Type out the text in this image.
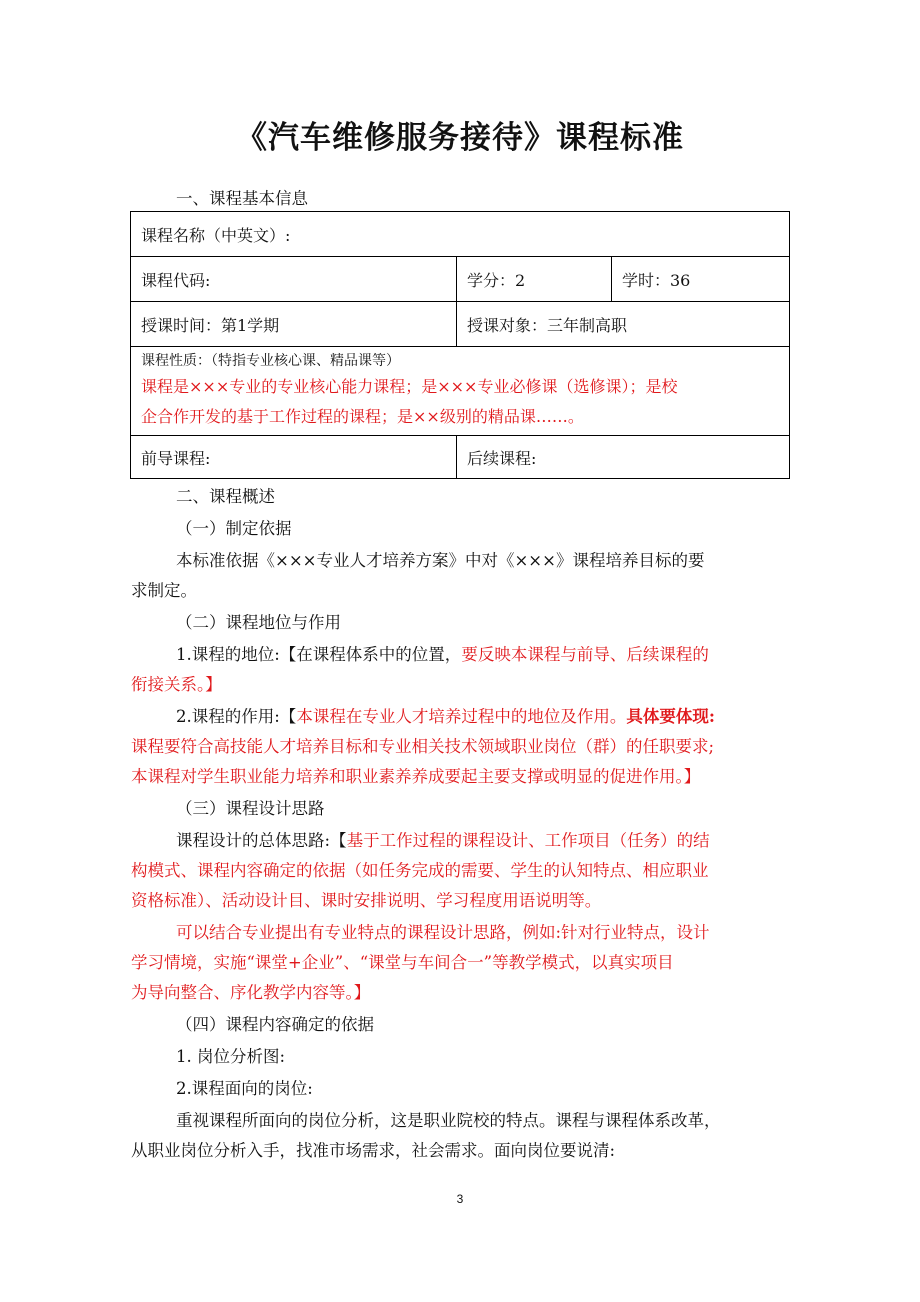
《汽车维修服务接待》课程标准
一、课程基本信息
课程名称（中英文）:		
课程代码:	学分：2	学时：36
授课时间：第1学期	授课对象：三年制高职	

课程性质：（特指专业核心课、精品课等）
课程是×××专业的专业核心能力课程；是×××专业必修课（选修课）；是校
企合作开发的基于工作过程的课程；是××级别的精品课……。		

前导课程:	后续课程:	
二、课程概述
（一）制定依据
本标准依据《×××专业人才培养方案》中对《×××》课程培养目标的要
求制定。
（二）课程地位与作用
1.课程的地位:【在课程体系中的位置，要反映本课程与前导、后续课程的
衔接关系。】
2.课程的作用:【本课程在专业人才培养过程中的地位及作用。具体要体现:
课程要符合高技能人才培养目标和专业相关技术领域职业岗位（群）的任职要求;
本课程对学生职业能力培养和职业素养养成要起主要支撑或明显的促进作用。】
（三）课程设计思路
课程设计的总体思路:【基于工作过程的课程设计、工作项目（任务）的结
构模式、课程内容确定的依据（如任务完成的需要、学生的认知特点、相应职业
资格标准）、活动设计目、课时安排说明、学习程度用语说明等。
可以结合专业提出有专业特点的课程设计思路，例如:针对行业特点，设计
学习情境，实施“课堂+企业”、“课堂与车间合一”等教学模式，以真实项目
为导向整合、序化教学内容等。】
（四）课程内容确定的依据
1. 岗位分析图:
2.课程面向的岗位:
重视课程所面向的岗位分析，这是职业院校的特点。课程与课程体系改革，
从职业岗位分析入手，找准市场需求，社会需求。面向岗位要说清:
3
